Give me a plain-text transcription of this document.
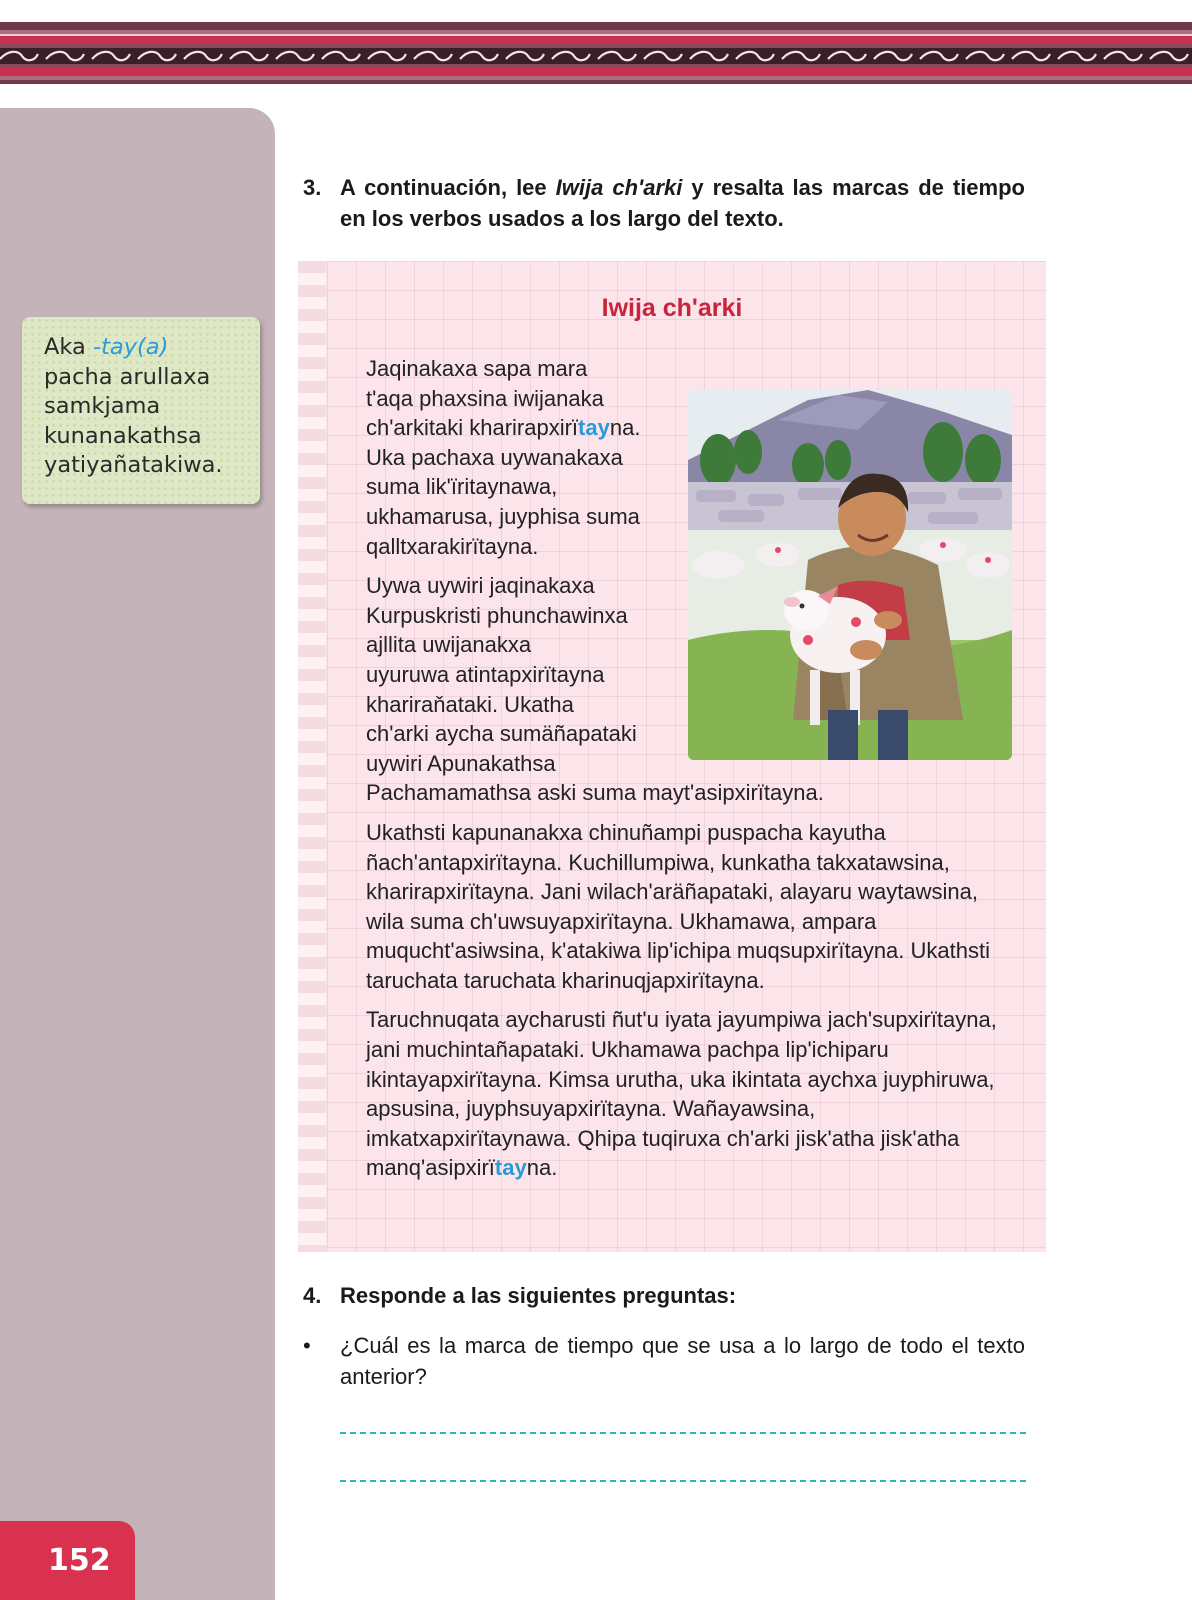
Aka -tay(a)
pacha arullaxa
samkjama
kunanakathsa
yatiyañatakiwa.
152
3. A continuación, lee Iwija ch'arki y resalta las marcas de tiempo en los verbos usados a los largo del texto.
Iwija ch'arki

Jaqinakaxa sapa mara
t'aqa phaxsina iwijanaka
ch'arkitaki khariraрxirïtayna.
Uka pachaxa uywanakaxa
suma lik'ïritaynawa,
ukhamarusa, juyphisa suma
qalltxarakirïtayna.

Uywa uywiri jaqinakaxa
Kurpuskristi phunchawinxa
ajllita uwijanakxa
uyuruwa atintapxirïtayna
khariraňataki. Ukatha
ch'arki aycha sumäñapataki
uywiri Apunakathsa
Pachamamathsa aski suma mayt'asipxirïtayna.

Ukathsti kapunanakxa chinuñampi puspacha kayutha ñach'antapxirïtayna. Kuchillumpiwa, kunkatha takxatawsina, kharirapxirïtayna. Jani wilach'aräñapataki, alayaru waytawsina, wila suma ch'uwsuyapxirïtayna. Ukhamawa, ampara muqucht'asiwsina, k'atakiwa lip'ichipa muqsupxirïtayna. Ukathsti taruchata taruchata kharinuqjapxirïtayna.

Taruchnuqata aycharusti ñut'u iyata jayumpiwa jach'supxirïtayna, jani muchintañapataki. Ukhamawa pachpa lip'ichiparu ikintayapxirïtayna. Kimsa urutha, uka ikintata aychxa juyphiruwa, apsusina, juyphsuyapxirïtayna. Wañayawsina, imkatxapxirïtaynawa. Qhipa tuqiruxa ch'arki jisk'atha jisk'atha manq'asipxirïtayna.

4. Responde a las siguientes preguntas:
•	¿Cuál es la marca de tiempo que se usa a lo largo de todo el texto anterior?
